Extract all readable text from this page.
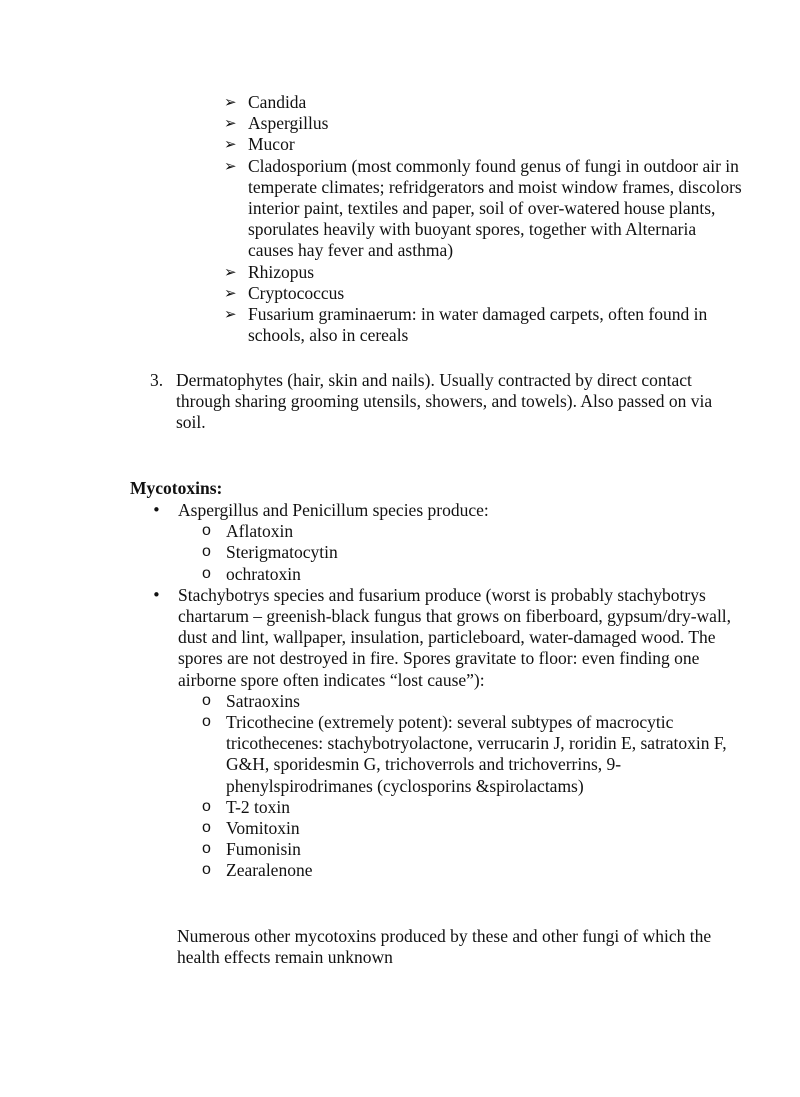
➢ Candida
➢ Aspergillus
➢ Mucor
➢ Cladosporium (most commonly found genus of fungi in outdoor air in temperate climates; refridgerators and moist window frames, discolors interior paint, textiles and paper, soil of over-watered house plants, sporulates heavily with buoyant spores, together with Alternaria causes hay fever and asthma)
➢ Rhizopus
➢ Cryptococcus
➢ Fusarium graminaerum: in water damaged carpets, often found in schools, also in cereals
3. Dermatophytes (hair, skin and nails). Usually contracted by direct contact through sharing grooming utensils, showers, and towels). Also passed on via soil.
Mycotoxins:
• Aspergillus and Penicillum species produce:
o Aflatoxin
o Sterigmatocytin
o ochratoxin
• Stachybotrys species and fusarium produce (worst is probably stachybotrys chartarum – greenish-black fungus that grows on fiberboard, gypsum/dry-wall, dust and lint, wallpaper, insulation, particleboard, water-damaged wood. The spores are not destroyed in fire. Spores gravitate to floor: even finding one airborne spore often indicates “lost cause”):
o Satraoxins
o Tricothecine (extremely potent): several subtypes of macrocytic tricothecenes: stachybotryolactone, verrucarin J, roridin E, satratoxin F, G&H, sporidesmin G, trichoverrols and trichoverrins, 9-phenylspirodrimanes (cyclosporins &spirolactams)
o T-2 toxin
o Vomitoxin
o Fumonisin
o Zearalenone

Numerous other mycotoxins produced by these and other fungi of which the health effects remain unknown
